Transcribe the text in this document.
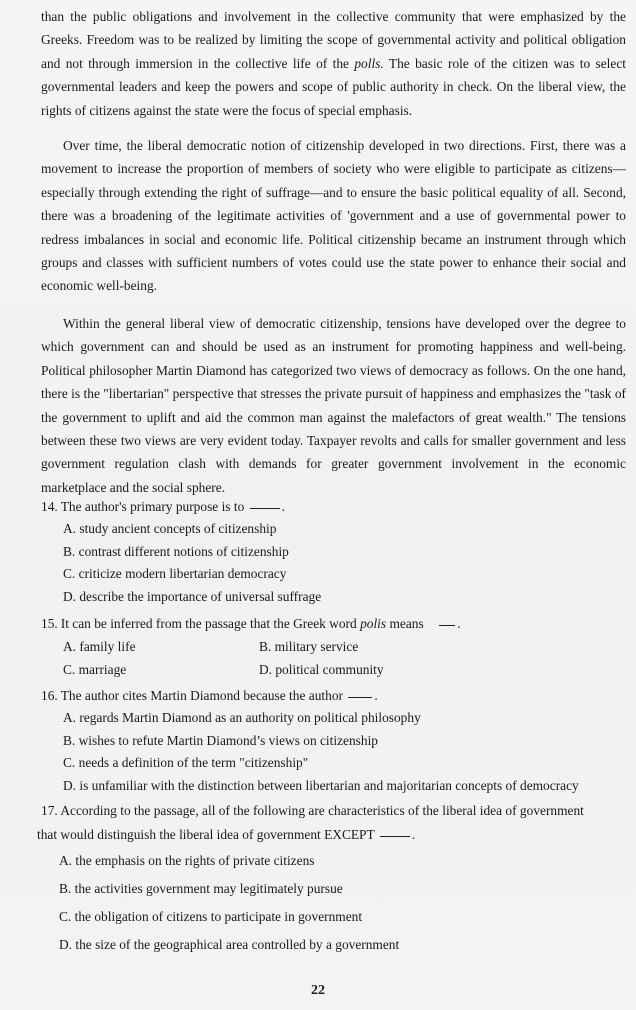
than the public obligations and involvement in the collective community that were emphasized by the Greeks. Freedom was to be realized by limiting the scope of governmental activity and political obligation and not through immersion in the collective life of the polls. The basic role of the citizen was to select governmental leaders and keep the powers and scope of public authority in check. On the liberal view, the rights of citizens against the state were the focus of special emphasis.

Over time, the liberal democratic notion of citizenship developed in two directions. First, there was a movement to increase the proportion of members of society who were eligible to participate as citizens—especially through extending the right of suffrage—and to ensure the basic political equality of all. Second, there was a broadening of the legitimate activities of 'government and a use of governmental power to redress imbalances in social and economic life. Political citizenship became an instrument through which groups and classes with sufficient numbers of votes could use the state power to enhance their social and economic well-being.

Within the general liberal view of democratic citizenship, tensions have developed over the degree to which government can and should be used as an instrument for promoting happiness and well-being. Political philosopher Martin Diamond has categorized two views of democracy as follows. On the one hand, there is the "libertarian" perspective that stresses the private pursuit of happiness and emphasizes the "task of the government to uplift and aid the common man against the malefactors of great wealth." The tensions between these two views are very evident today. Taxpayer revolts and calls for smaller government and less government regulation clash with demands for greater government involvement in the economic marketplace and the social sphere.

14. The author's primary purpose is to	.

A. study ancient concepts of citizenship
B. contrast different notions of citizenship
C. criticize modern libertarian democracy
D. describe the importance of universal suffrage

15. It can be inferred from the passage that the Greek word polis means .

A. family life	B. military service
C. marriage	D. political community

16. The author cites Martin Diamond because the author .

A. regards Martin Diamond as an authority on political philosophy
B. wishes to refute Martin Diamond’s views on citizenship
C. needs a definition of the term "citizenship"
D. is unfamiliar with the distinction between libertarian and majoritarian concepts of democracy

17. According to the passage, all of the following are characteristics of the liberal idea of government
that would distinguish the liberal idea of government EXCEPT	.

A. the emphasis on the rights of private citizens
B. the activities government may legitimately pursue
C. the obligation of citizens to participate in government
D. the size of the geographical area controlled by a government
22
